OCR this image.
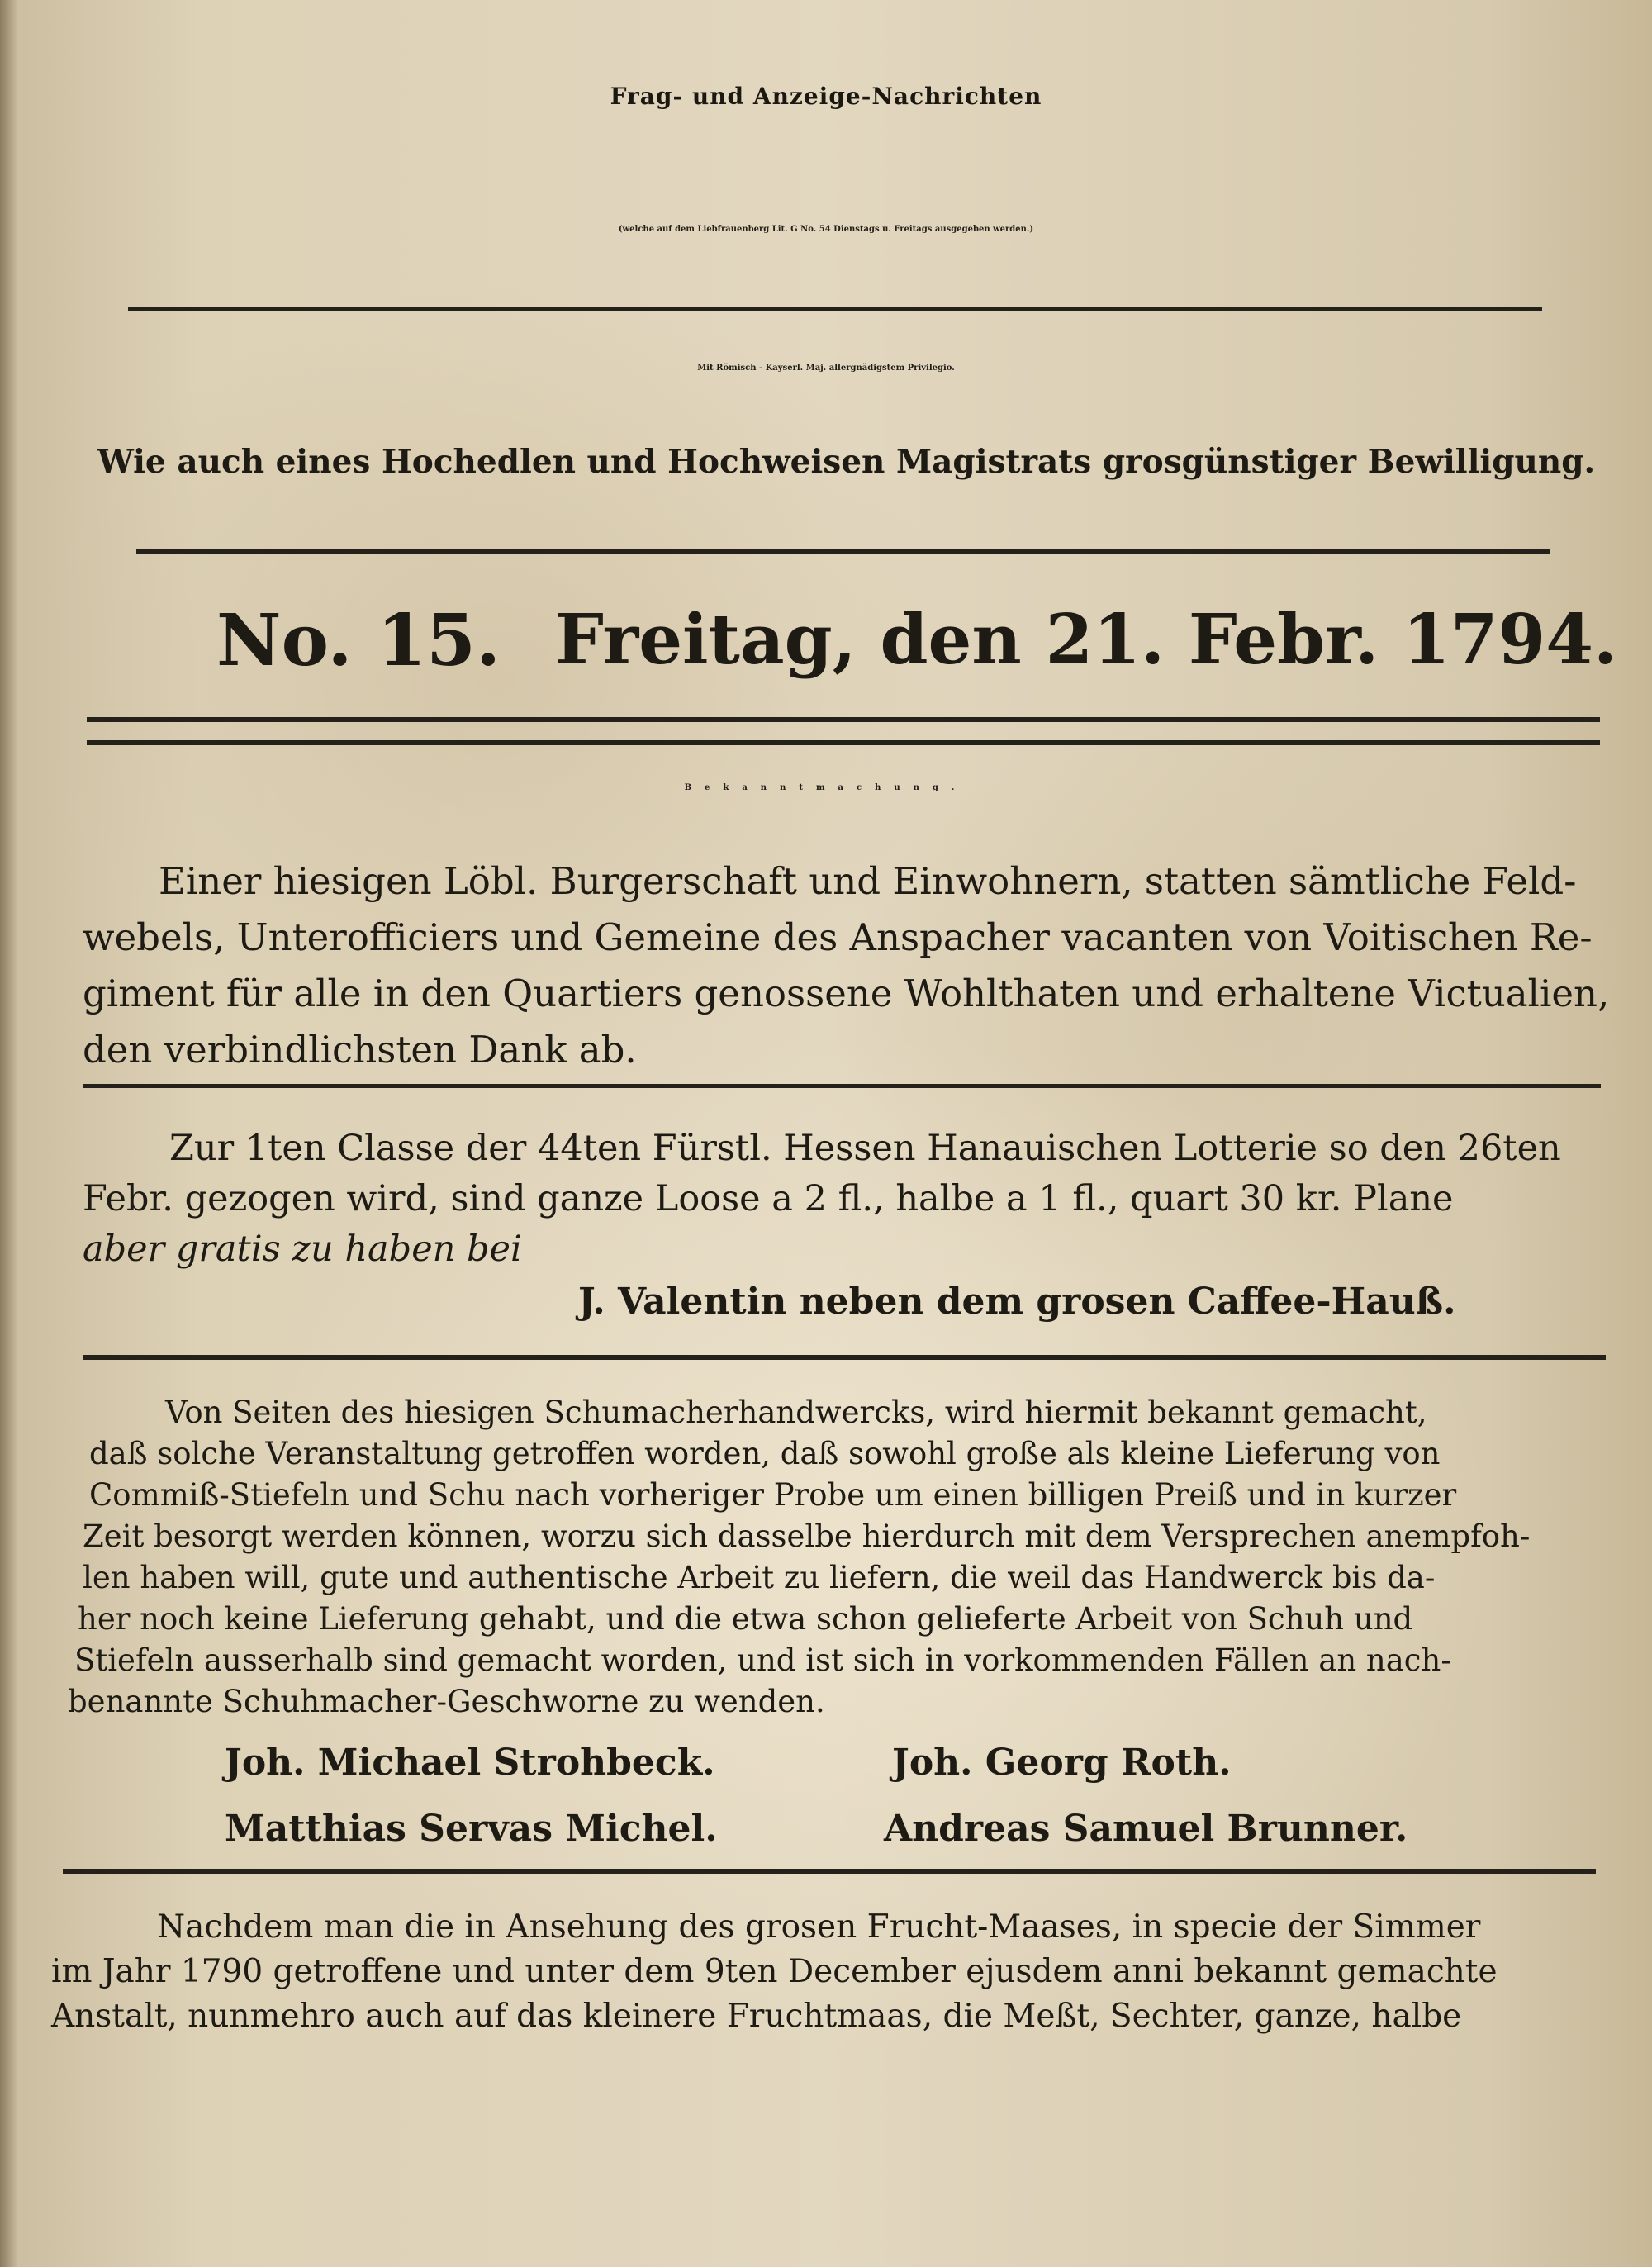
Frag- und Anzeige-Nachrichten
(welche auf dem Liebfrauenberg Lit. G No. 54 Dienstags u. Freitags ausgegeben werden.)
Mit Römisch - Kayserl. Maj. allergnädigstem Privilegio.
Wie auch eines Hochedlen und Hochweisen Magistrats grosgünstiger Bewilligung.
No. 15. Freitag, den 21. Febr. 1794.
Bekanntmachung.
Einer hiesigen Löbl. Burgerschaft und Einwohnern, statten sämtliche Feld-
webels, Unterofficiers und Gemeine des Anspacher vacanten von Voitischen Re-
giment für alle in den Quartiers genossene Wohlthaten und erhaltene Victualien,
den verbindlichsten Dank ab.
Zur 1ten Classe der 44ten Fürstl. Hessen Hanauischen Lotterie so den 26ten
Febr. gezogen wird, sind ganze Loose a 2 fl., halbe a 1 fl., quart 30 kr. Plane
aber gratis zu haben bei
J. Valentin neben dem grosen Caffee-Hauß.
Von Seiten des hiesigen Schumacherhandwercks, wird hiermit bekannt gemacht,
daß solche Veranstaltung getroffen worden, daß sowohl große als kleine Lieferung von
Commiß-Stiefeln und Schu nach vorheriger Probe um einen billigen Preiß und in kurzer
Zeit besorgt werden können, worzu sich dasselbe hierdurch mit dem Versprechen anempfoh-
len haben will, gute und authentische Arbeit zu liefern, die weil das Handwerck bis da-
her noch keine Lieferung gehabt, und die etwa schon gelieferte Arbeit von Schuh und
Stiefeln ausserhalb sind gemacht worden, und ist sich in vorkommenden Fällen an nach-
benannte Schuhmacher-Geschworne zu wenden.
Joh. Michael Strohbeck.	Joh. Georg Roth.
Matthias Servas Michel.	Andreas Samuel Brunner.
Nachdem man die in Ansehung des grosen Frucht-Maases, in specie der Simmer
im Jahr 1790 getroffene und unter dem 9ten December ejusdem anni bekannt gemachte
Anstalt, nunmehro auch auf das kleinere Fruchtmaas, die Meßt, Sechter, ganze, halbe
